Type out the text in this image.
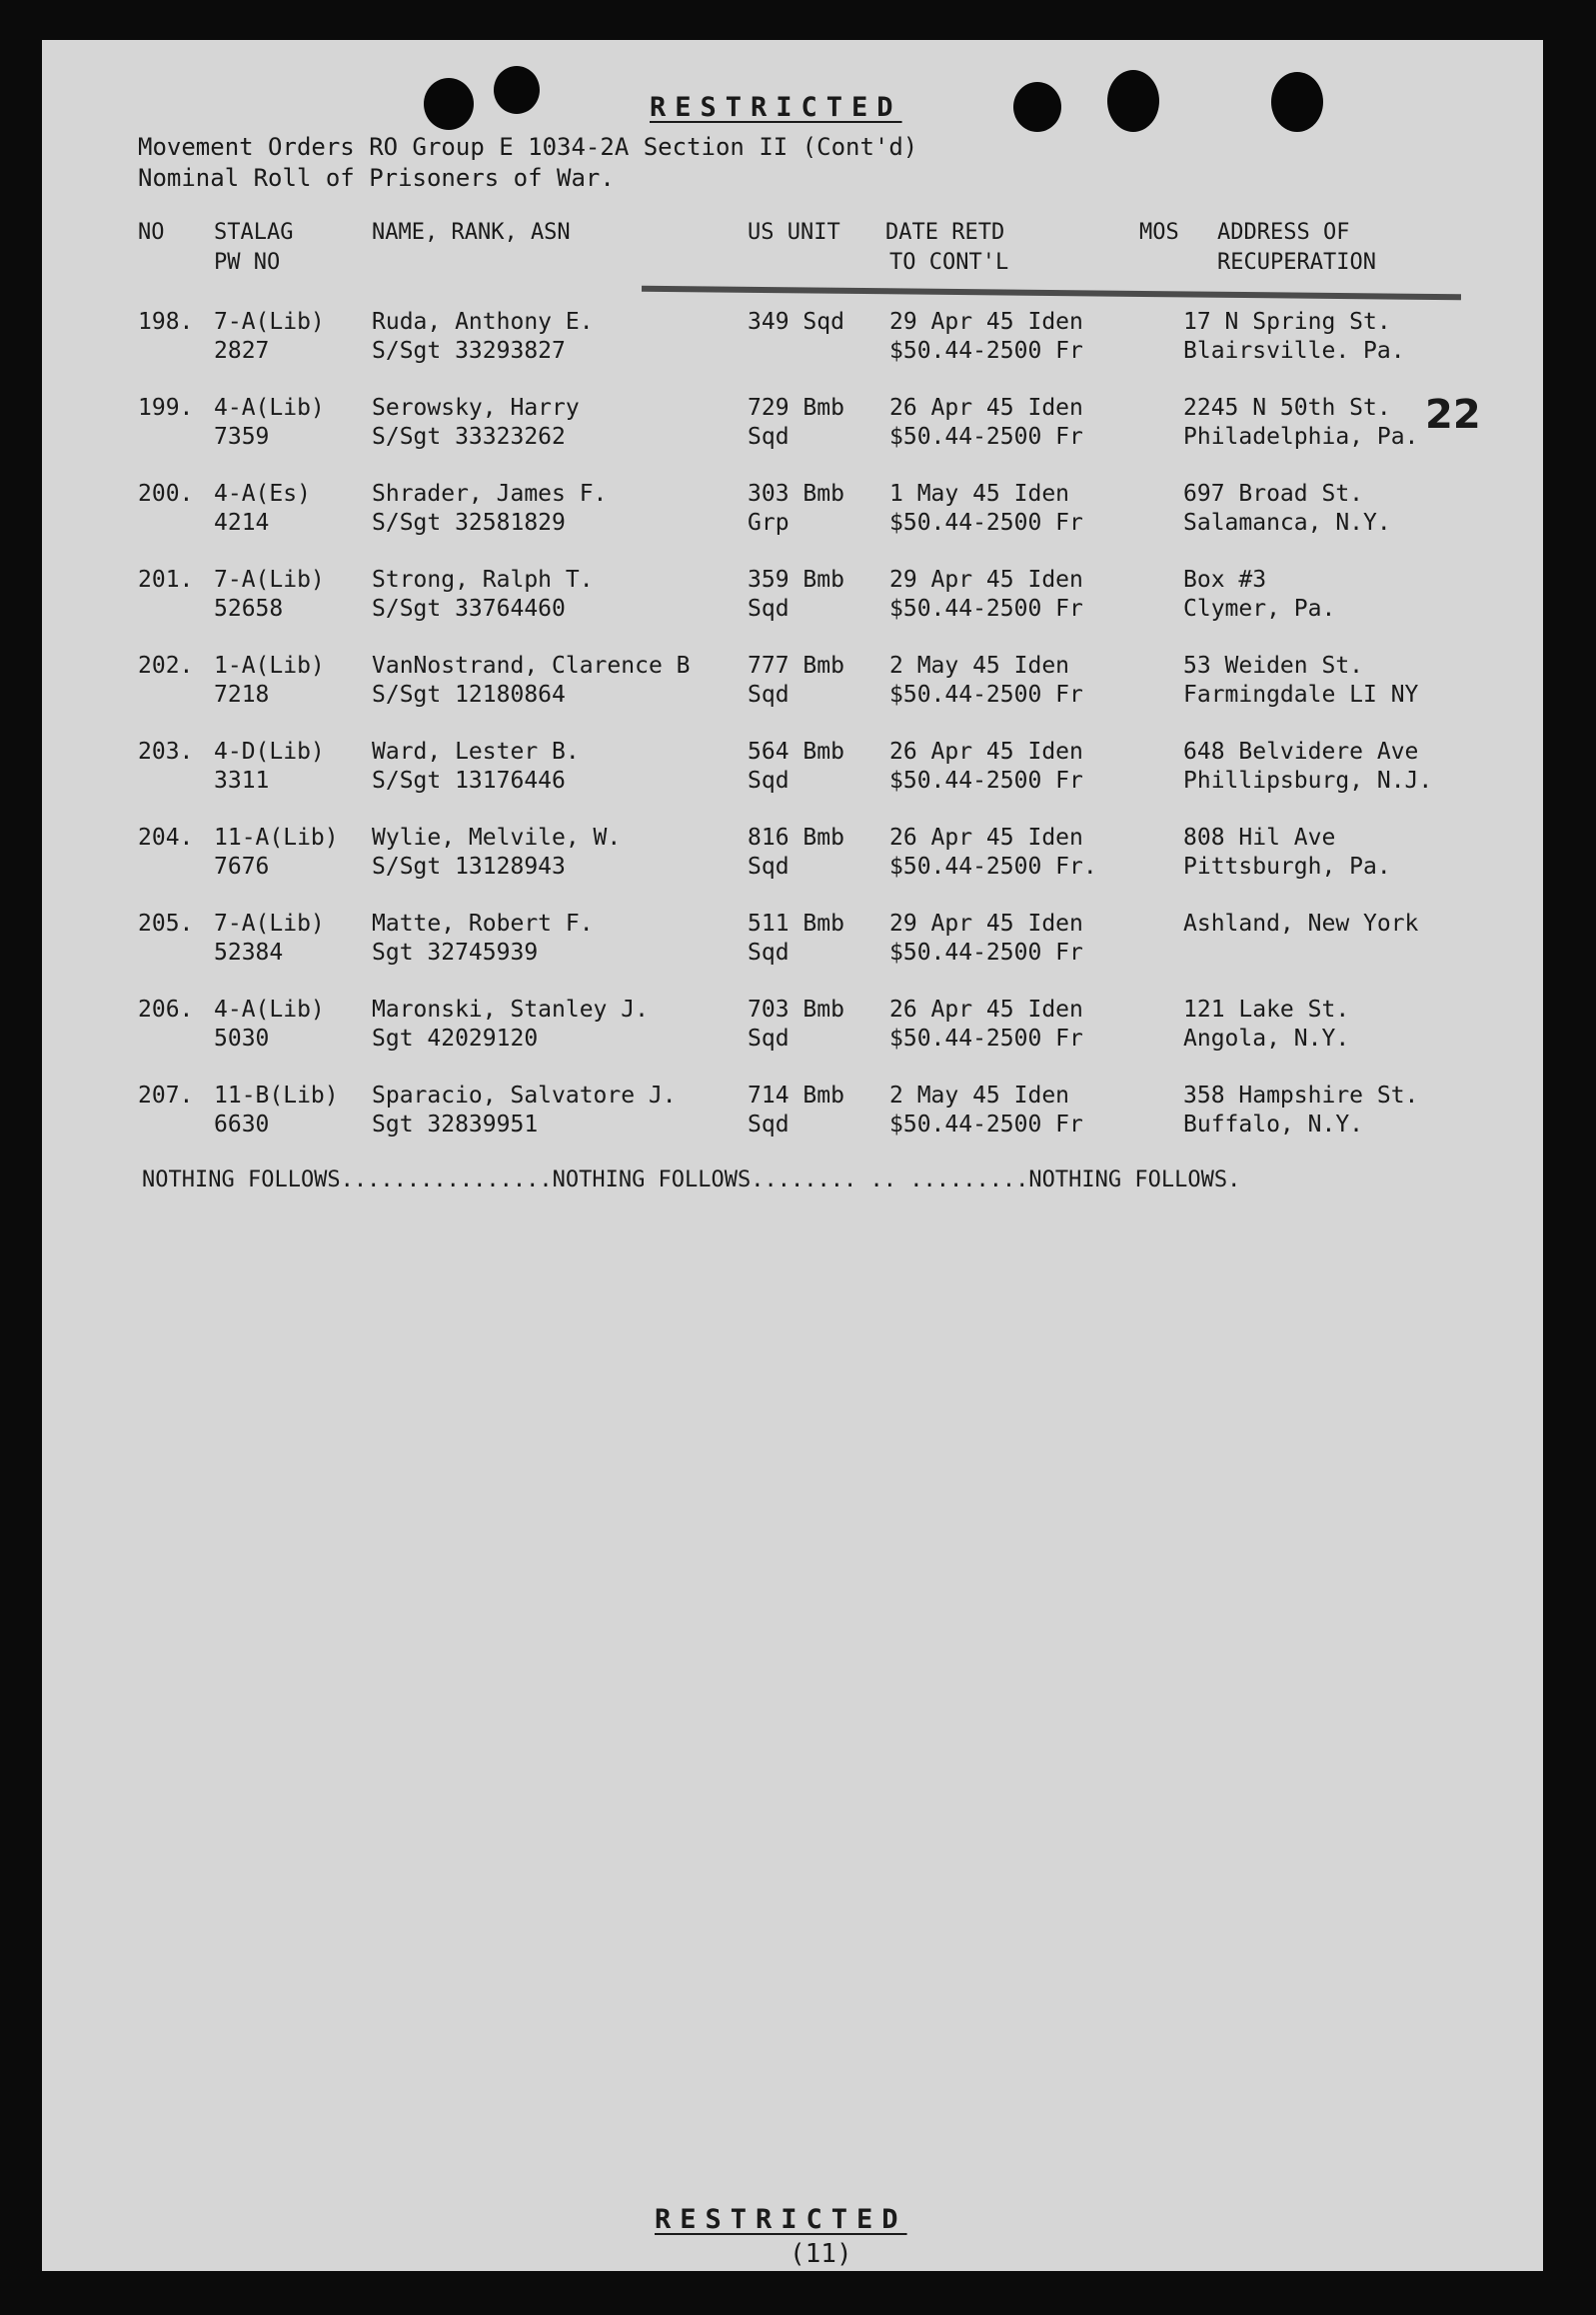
RESTRICTED
Movement Orders RO Group E 1034-2A Section II (Cont'd)
Nominal Roll of Prisoners of War.
NO STALAG
PW NO
NAME, RANK, ASN	US UNIT DATE RETD
TO CONT'L
MOS ADDRESS OF
RECUPERATION
198. 7-A(Lib)
2827
Ruda, Anthony E.
S/Sgt 33293827
349 Sqd 29 Apr 45 Iden
$50.44-2500 Fr
17 N Spring St.
Blairsville. Pa.
199. 4-A(Lib)
7359
Serowsky, Harry
S/Sgt 33323262
729 Bmb
Sqd
26 Apr 45 Iden
$50.44-2500 Fr
2245 N 50th St.
Philadelphia, Pa.
200. 4-A(Es)
4214
Shrader, James F.
S/Sgt 32581829
303 Bmb
Grp
1 May 45 Iden
$50.44-2500 Fr
697 Broad St.
Salamanca, N.Y.
201. 7-A(Lib)
52658
Strong, Ralph T.
S/Sgt 33764460
359 Bmb
Sqd
29 Apr 45 Iden
$50.44-2500 Fr
Box #3
Clymer, Pa.
202. 1-A(Lib)
7218
VanNostrand, Clarence B
S/Sgt 12180864
777 Bmb
Sqd
2 May 45 Iden
$50.44-2500 Fr
53 Weiden St.
Farmingdale LI NY
203. 4-D(Lib)
3311
Ward, Lester B.
S/Sgt 13176446
564 Bmb
Sqd
26 Apr 45 Iden
$50.44-2500 Fr
648 Belvidere Ave
Phillipsburg, N.J.
204. 11-A(Lib)
7676
Wylie, Melvile, W.
S/Sgt 13128943
816 Bmb
Sqd
26 Apr 45 Iden
$50.44-2500 Fr.
808 Hil Ave
Pittsburgh, Pa.
205. 7-A(Lib)
52384
Matte, Robert F.
Sgt 32745939
511 Bmb
Sqd
29 Apr 45 Iden
$50.44-2500 Fr
Ashland, New York
206. 4-A(Lib)
5030
Maronski, Stanley J.
Sgt 42029120
703 Bmb
Sqd
26 Apr 45 Iden
$50.44-2500 Fr
121 Lake St.
Angola, N.Y.
207. 11-B(Lib)
6630
Sparacio, Salvatore J.
Sgt 32839951
714 Bmb
Sqd
2 May 45 Iden
$50.44-2500 Fr
358 Hampshire St.
Buffalo, N.Y.
22
NOTHING FOLLOWS................NOTHING FOLLOWS........ .. .........NOTHING FOLLOWS.
RESTRICTED
(11)
